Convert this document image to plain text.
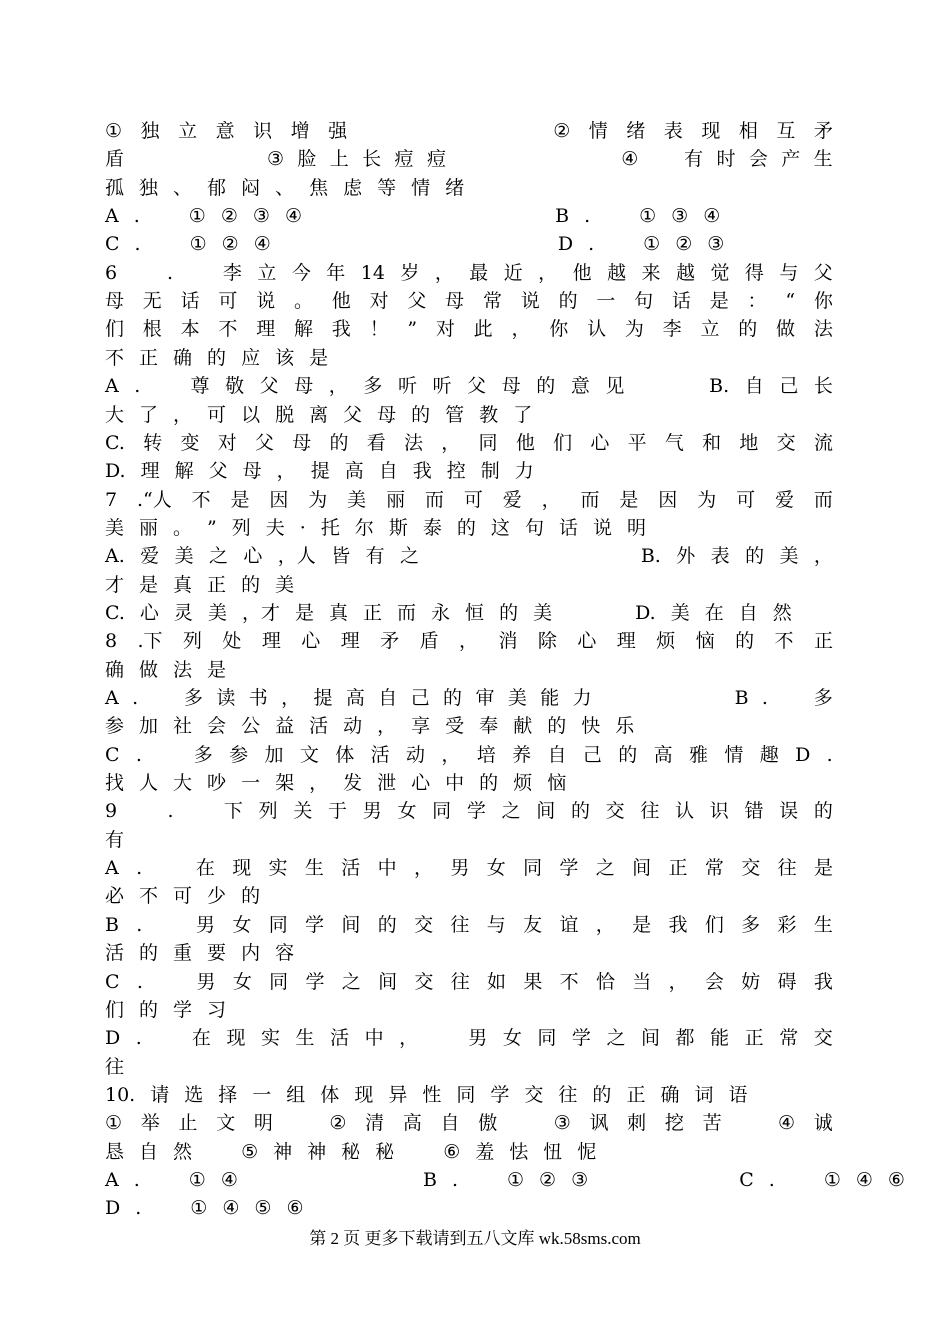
① 独 立 意 识 增 强

　	② 情 绪 表 现 相 互 矛
盾

　	③ 脸 上 长 痘 痘

　	④
　 有 时 会 产 生
孤 独 、 郁 闷 、 焦 虑 等 情 绪
A .　	① ② ③ ④　　　　　　　	B .　	① ③ ④
C .　	① ② ④　　　　　　　　	D .　	① ② ③
6
　	.
　	李 立 今 年 14 岁 ， 最 近 ， 他 越 来 越 觉 得 与 父
母 无 话 可 说 。 他 对 父 母 常 说 的 一 句 话 是 ： “ 你
们 根 本 不 理 解 我 ！ ” 对 此 ， 你 认 为 李 立 的 做 法
不 正 确 的 应 该 是
A .
　	尊 敬 父 母 ， 多 听 听 父 母 的 意 见

　	B. 自 己 长
大 了 ， 可 以 脱 离 父 母 的 管 教 了
C. 转 变 对 父 母 的 看 法 ， 同 他 们 心 平 气 和 地 交 流
D. 理 解 父 母 ， 提 高 自 我 控 制 力
7 .“人 不 是 因 为 美 丽 而 可 爱 ， 而 是 因 为 可 爱 而
美 丽 。 ” 列 夫 · 托 尔 斯 泰 的 这 句 话 说 明
A. 爱 美 之 心 ，人 皆 有 之

　	B. 外 表 的 美 ，
才 是 真 正 的 美
C. 心 灵 美 ，才 是 真 正 而 永 恒 的 美　　	D. 美 在 自 然
8 .下 列 处 理 心 理 矛 盾 ， 消 除 心 理 烦 恼 的 不 正
确 做 法 是
A .
　 多 读 书 ， 提 高 自 己 的 审 美 能 力

　	B .
　 多
参 加 社 会 公 益 活 动 ， 享 受 奉 献 的 快 乐
C .
　	多 参 加 文 体 活 动 ， 培 养 自 己 的 高 雅 情 趣 D .
找 人 大 吵 一 架 ， 发 泄 心 中 的 烦 恼
9
　	.
　	下 列 关 于 男 女 同 学 之 间 的 交 往 认 识 错 误 的
有
A .
　	在 现 实 生 活 中 ， 男 女 同 学 之 间 正 常 交 往 是
必 不 可 少 的
B .
　	男 女 同 学 间 的 交 往 与 友 谊 ， 是 我 们 多 彩 生
活 的 重 要 内 容
C .
　	男 女 同 学 之 间 交 往 如 果 不 恰 当 ， 会 妨 碍 我
们 的 学 习
D .
　	在 现 实 生 活 中 ，
　	男 女 同 学 之 间 都 能 正 常 交
往
10. 请 选 择 一 组 体 现 异 性 同 学 交 往 的 正 确 词 语
① 举 止 文 明
　	② 清 高 自 傲
　	③ 讽 刺 挖 苦
　	④ 诚
恳 自 然　	⑤ 神 神 秘 秘　	⑥ 羞 怯 忸 怩
A .　	① ④　　　　　	B .　	① ② ③　　　　	C .　	① ④ ⑥
D .　	① ④ ⑤ ⑥
第 2 页 更多下载请到五八文库 wk.58sms.com
